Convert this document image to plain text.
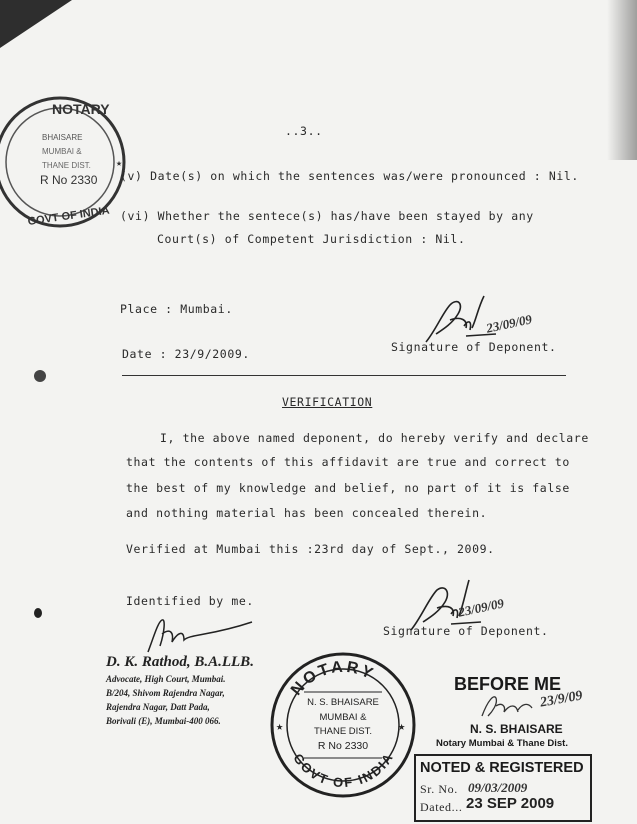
NOTARY
BHAISARE
MUMBAI &
THANE DIST.
R No 2330
GOVT OF INDIA
★
..3..
(v) Date(s) on which the sentences was/were pronounced : Nil.
(vi) Whether the sentece(s) has/have been stayed by any
Court(s) of Competent Jurisdiction : Nil.
Place : Mumbai.
Date : 23/9/2009.
23/09/09
Signature of Deponent.
VERIFICATION
I, the above named deponent, do hereby verify and declare
that the contents of this affidavit are true and correct to
the best of my knowledge and belief, no part of it is false
and nothing material has been concealed therein.
Verified at Mumbai this :23rd day of Sept., 2009.
Identified by me.	23/09/09
Signature of Deponent.
D. K. Rathod, B.A.LLB.
Advocate, High Court, Mumbai.
B/204, Shivom Rajendra Nagar,
Rajendra Nagar, Datt Pada,
Borivali (E), Mumbai-400 066.
NOTARY
GOVT OF INDIA
N. S. BHAISARE
MUMBAI &
THANE DIST.
R No 2330
★	★
BEFORE ME
23/9/09
N. S. BHAISARE
Notary Mumbai & Thane Dist.
NOTED & REGISTERED
Sr. No. 09/03/2009
Dated... 23 SEP 2009
